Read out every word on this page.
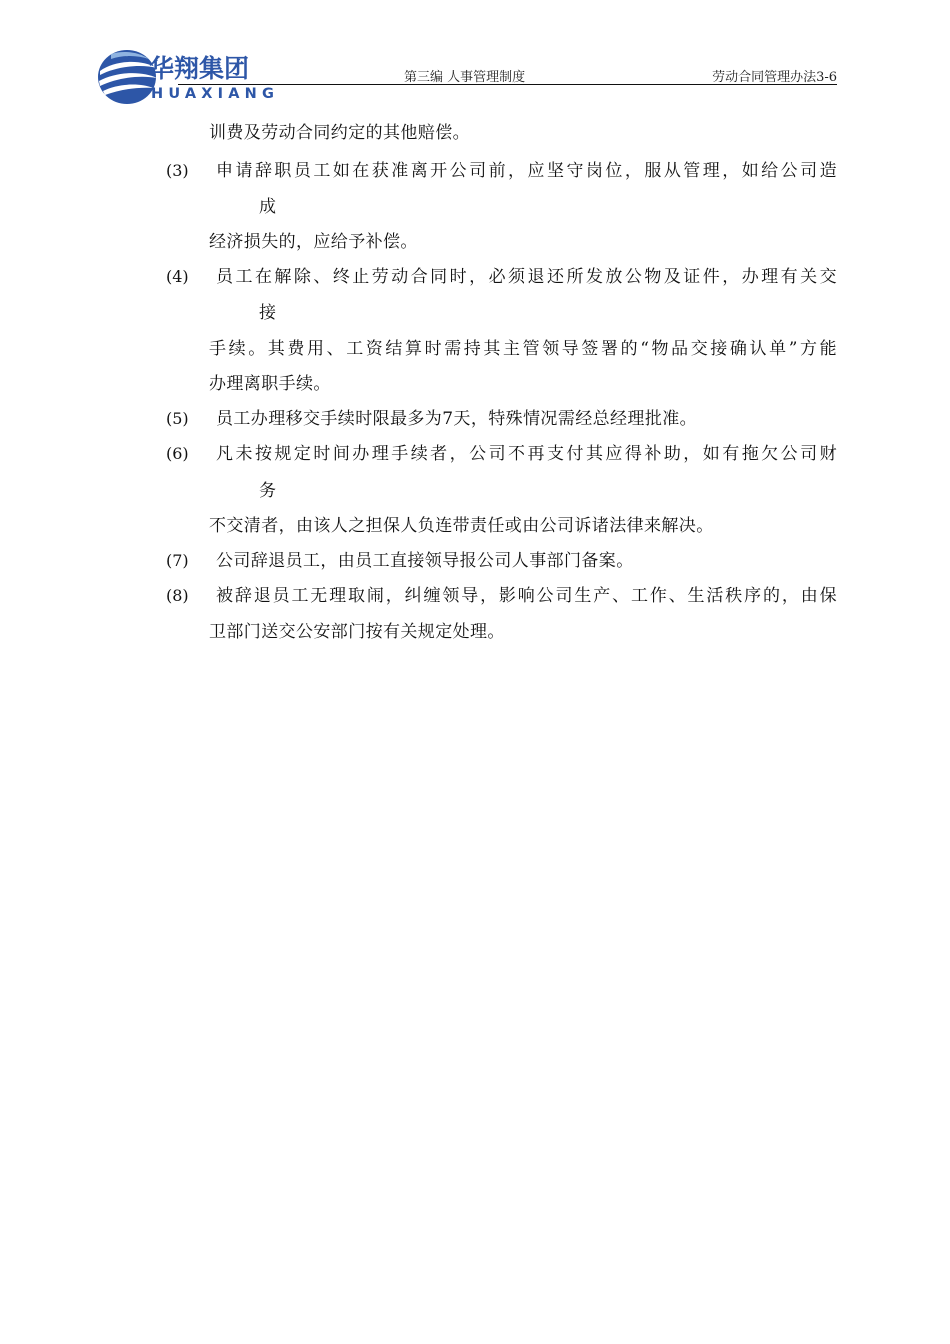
华翔集团
HUAXIANG
第三编 人事管理制度	劳动合同管理办法3-6
训费及劳动合同约定的其他赔偿。
(3) 申请辞职员工如在获准离开公司前，应坚守岗位，服从管理，如给公司造
成
经济损失的，应给予补偿。
(4) 员工在解除、终止劳动合同时，必须退还所发放公物及证件，办理有关交
接
手续。其费用、工资结算时需持其主管领导签署的“物品交接确认单”方能
办理离职手续。
(5) 员工办理移交手续时限最多为7天，特殊情况需经总经理批准。
(6) 凡未按规定时间办理手续者，公司不再支付其应得补助，如有拖欠公司财
务
不交清者，由该人之担保人负连带责任或由公司诉诸法律来解决。
(7) 公司辞退员工，由员工直接领导报公司人事部门备案。
(8) 被辞退员工无理取闹，纠缠领导，影响公司生产、工作、生活秩序的，由保
卫部门送交公安部门按有关规定处理。
